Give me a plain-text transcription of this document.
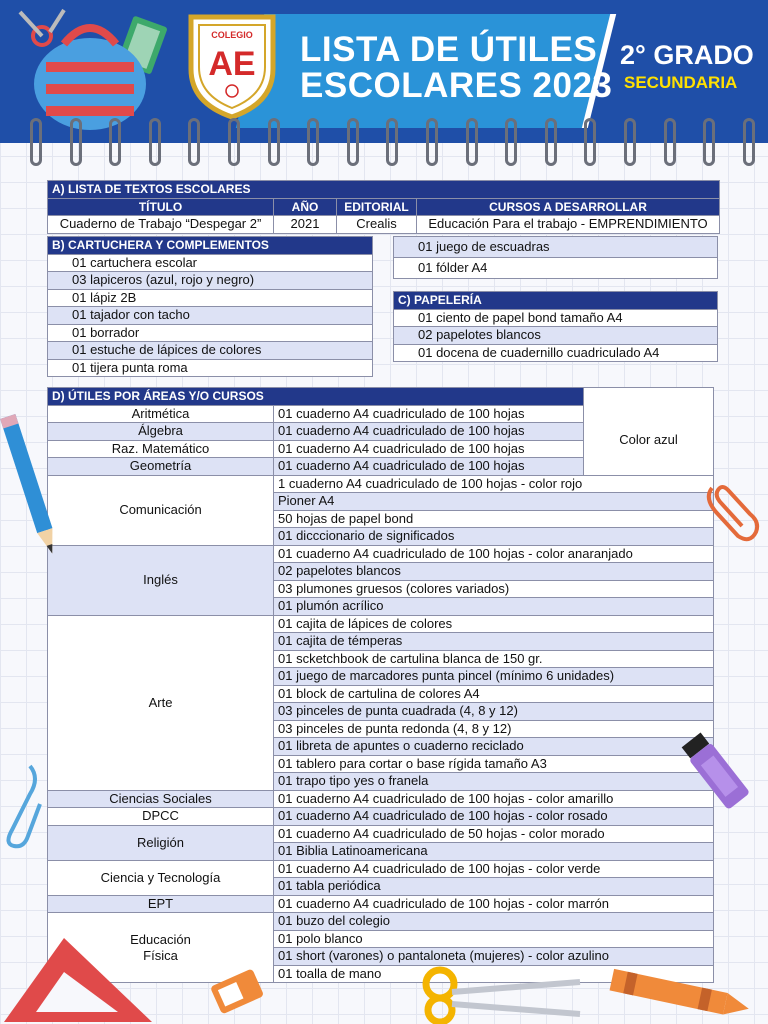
COLEGIO
AE LISTA DE ÚTILES
ESCOLARES 2023
2° GRADO
SECUNDARIA
A) LISTA DE TEXTOS ESCOLARES			
TÍTULO	AÑO	EDITORIAL	CURSOS A DESARROLLAR
Cuaderno de Trabajo “Despegar 2”	2021	Crealis	Educación Para el trabajo - EMPRENDIMIENTO
B) CARTUCHERA Y COMPLEMENTOS
01 cartuchera escolar
03 lapiceros (azul, rojo y negro)
01 lápiz 2B
01 tajador con tacho
01 borrador
01 estuche de lápices de colores
01 tijera punta roma
01 juego de escuadras
01 fólder A4
C) PAPELERÍA
01 ciento de papel bond tamaño A4
02 papelotes blancos
01 docena de cuadernillo cuadriculado A4
D) ÚTILES POR ÁREAS Y/O CURSOS		
Aritmética	01 cuaderno A4 cuadriculado de 100 hojas	Color azul
Álgebra	01 cuaderno A4 cuadriculado de 100 hojas	
Raz. Matemático	01 cuaderno A4 cuadriculado de 100 hojas	
Geometría	01 cuaderno A4 cuadriculado de 100 hojas	
Comunicación	1 cuaderno A4 cuadriculado de 100 hojas - color rojo	
	Pioner A4	
	50 hojas de papel bond	
	01 dicccionario de significados	
Inglés	01 cuaderno A4 cuadriculado de 100 hojas - color anaranjado	
	02 papelotes blancos	
	03 plumones gruesos (colores variados)	
	01 plumón acrílico	
Arte	01 cajita de lápices de colores	
	01 cajita de témperas	
	01 scketchbook de cartulina blanca de 150 gr.	
	01 juego de marcadores punta pincel (mínimo 6 unidades)	
	01 block de cartulina de colores A4	
	03 pinceles de punta cuadrada (4, 8 y 12)	
	03 pinceles de punta redonda (4, 8 y 12)	
	01 libreta de apuntes o cuaderno reciclado	
	01 tablero para cortar o base rígida tamaño A3	
	01 trapo tipo yes o franela	
Ciencias Sociales	01 cuaderno A4 cuadriculado de 100 hojas - color amarillo	
DPCC	01 cuaderno A4 cuadriculado de 100 hojas - color rosado	
Religión	01 cuaderno A4 cuadriculado de 50 hojas - color morado	
	01 Biblia Latinoamericana	
Ciencia y Tecnología	01 cuaderno A4 cuadriculado de 100 hojas - color verde	
	01 tabla periódica	
EPT	01 cuaderno A4 cuadriculado de 100 hojas - color marrón	

Educación
Física	01 buzo del colegio	
	01 polo blanco	
	01 short (varones) o pantaloneta (mujeres) - color azulino	
	01 toalla de mano	
